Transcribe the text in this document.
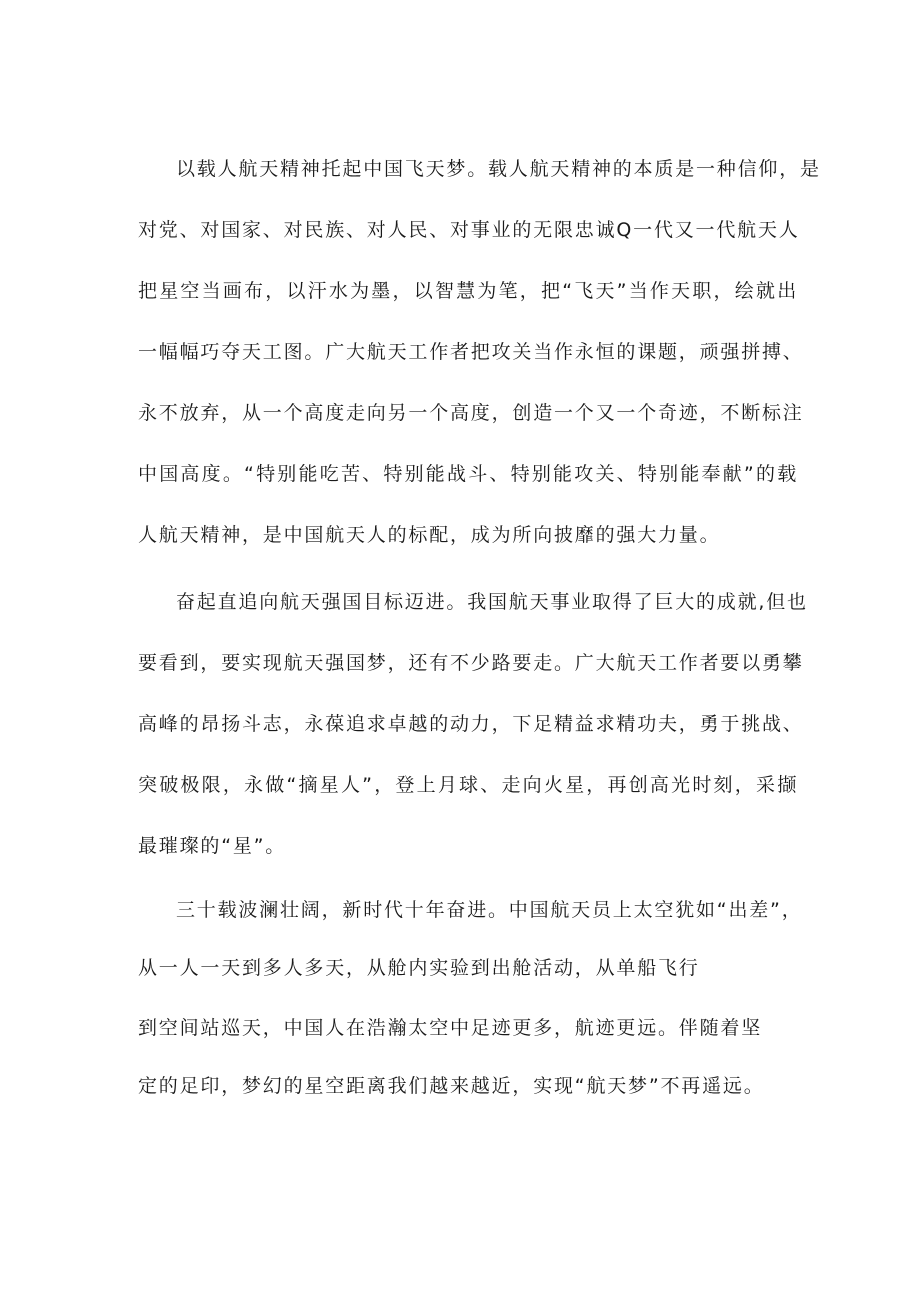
以载人航天精神托起中国飞天梦。载人航天精神的本质是一种信仰，是
对党、对国家、对民族、对人民、对事业的无限忠诚Q一代又一代航天人
把星空当画布，以汗水为墨，以智慧为笔，把“飞天”当作天职，绘就出
一幅幅巧夺天工图。广大航天工作者把攻关当作永恒的课题，顽强拼搏、
永不放弃，从一个高度走向另一个高度，创造一个又一个奇迹，不断标注
中国高度。“特别能吃苦、特别能战斗、特别能攻关、特别能奉献”的载
人航天精神，是中国航天人的标配，成为所向披靡的强大力量。
奋起直追向航天强国目标迈进。我国航天事业取得了巨大的成就,但也
要看到，要实现航天强国梦，还有不少路要走。广大航天工作者要以勇攀
高峰的昂扬斗志，永葆追求卓越的动力，下足精益求精功夫，勇于挑战、
突破极限，永做“摘星人”，登上月球、走向火星，再创高光时刻，采撷
最璀璨的“星”。
三十载波澜壮阔，新时代十年奋进。中国航天员上太空犹如“出差”，
从一人一天到多人多天，从舱内实验到出舱活动，从单船飞行
到空间站巡天，中国人在浩瀚太空中足迹更多，航迹更远。伴随着坚
定的足印，梦幻的星空距离我们越来越近，实现“航天梦”不再遥远。
